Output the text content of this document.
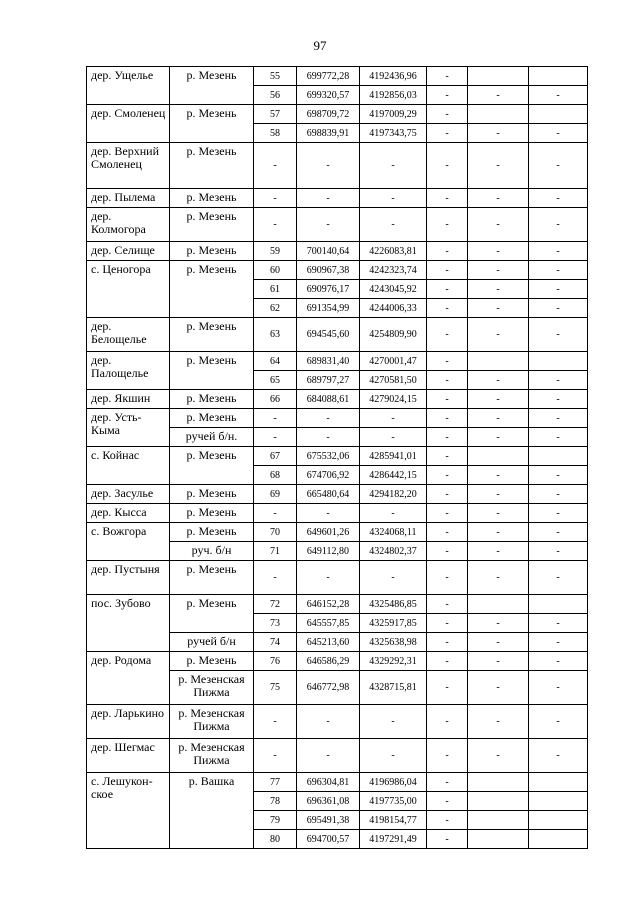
97
дер. Ущелье	р. Мезень	55	699772,28	4192436,96	-		
		56	699320,57	4192856,03	-	-	-
дер. Смоленец	р. Мезень	57	698709,72	4197009,29	-		
		58	698839,91	4197343,75	-	-	-
дер. Верхний Смоленец	р. Мезень	-	-	-	-	-	-
дер. Пылема	р. Мезень	-	-	-	-	-	-
дер. Колмогора	р. Мезень	-	-	-	-	-	-
дер. Селище	р. Мезень	59	700140,64	4226083,81	-	-	-
с. Ценогора	р. Мезень	60	690967,38	4242323,74	-	-	-
		61	690976,17	4243045,92	-	-	-
		62	691354,99	4244006,33	-	-	-
дер. Белощелье	р. Мезень	63	694545,60	4254809,90	-	-	-
дер. Палощелье	р. Мезень	64	689831,40	4270001,47	-		
		65	689797,27	4270581,50	-	-	-
дер. Якшин	р. Мезень	66	684088,61	4279024,15	-	-	-
дер. Усть-Кыма	р. Мезень	-	-	-	-	-	-
	ручей б/н.	-	-	-	-	-	-
с. Койнас	р. Мезень	67	675532,06	4285941,01	-		
		68	674706,92	4286442,15	-	-	-
дер. Засулье	р. Мезень	69	665480,64	4294182,20	-	-	-
дер. Кысса	р. Мезень	-	-	-	-	-	-
с. Вожгора	р. Мезень	70	649601,26	4324068,11	-	-	-
	руч. б/н	71	649112,80	4324802,37	-	-	-
дер. Пустыня	р. Мезень	-	-	-	-	-	-
пос. Зубово	р. Мезень	72	646152,28	4325486,85	-		
		73	645557,85	4325917,85	-	-	-
	ручей б/н	74	645213,60	4325638,98	-	-	-
дер. Родома	р. Мезень	76	646586,29	4329292,31	-	-	-
	р. Мезенская Пижма	75	646772,98	4328715,81	-	-	-
дер. Ларькино	р. Мезенская Пижма	-	-	-	-	-	-
дер. Шегмас	р. Мезенская Пижма	-	-	-	-	-	-
с. Лешукон-ское	р. Вашка	77	696304,81	4196986,04	-		
		78	696361,08	4197735,00	-		
		79	695491,38	4198154,77	-		
		80	694700,57	4197291,49	-		
